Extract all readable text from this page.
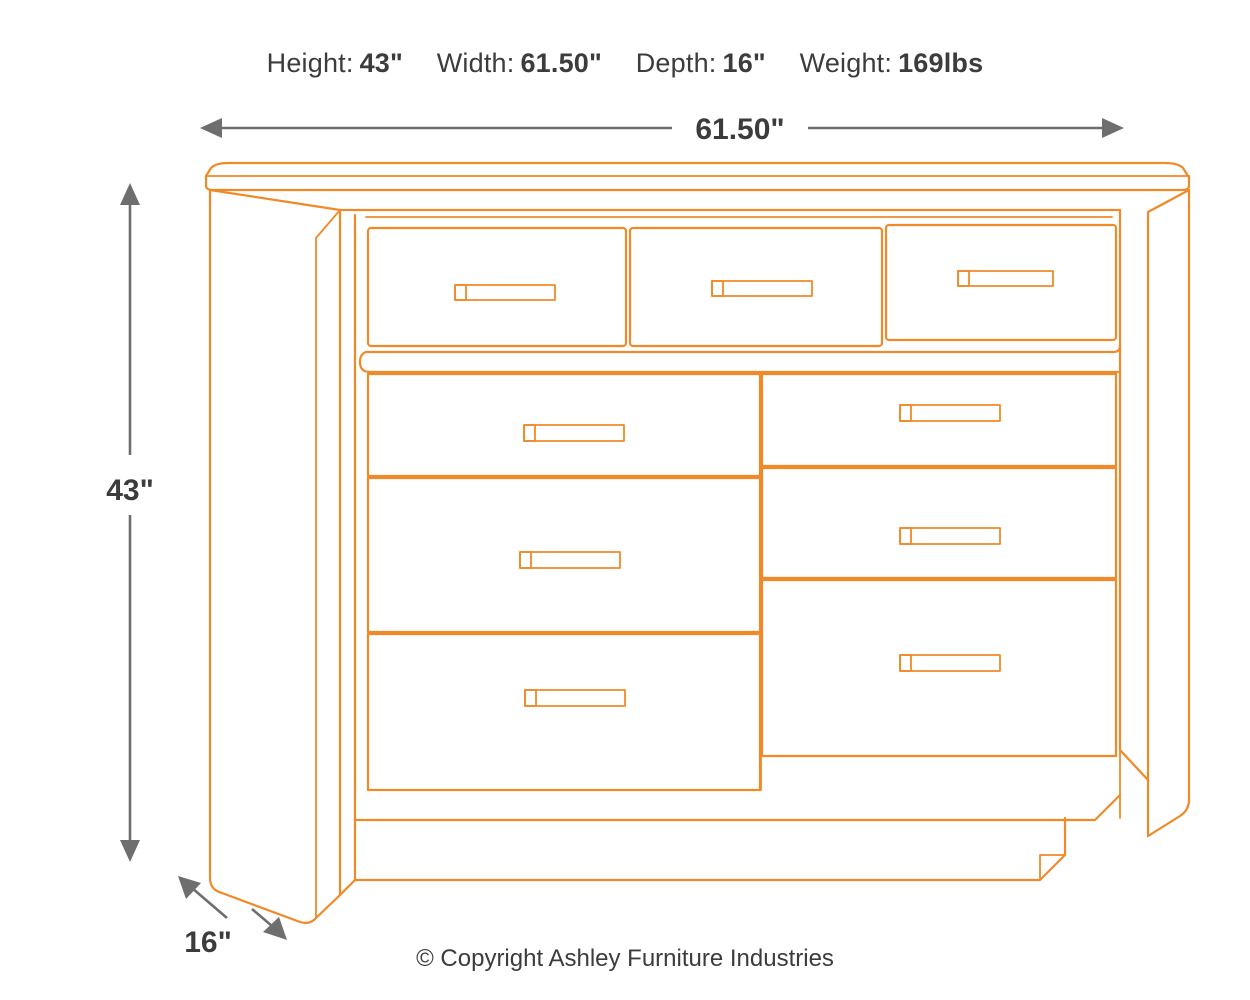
Height: 43" Width: 61.50" Depth: 16" Weight: 169lbs
61.50"
43"
16"	© Copyright Ashley Furniture Industries
